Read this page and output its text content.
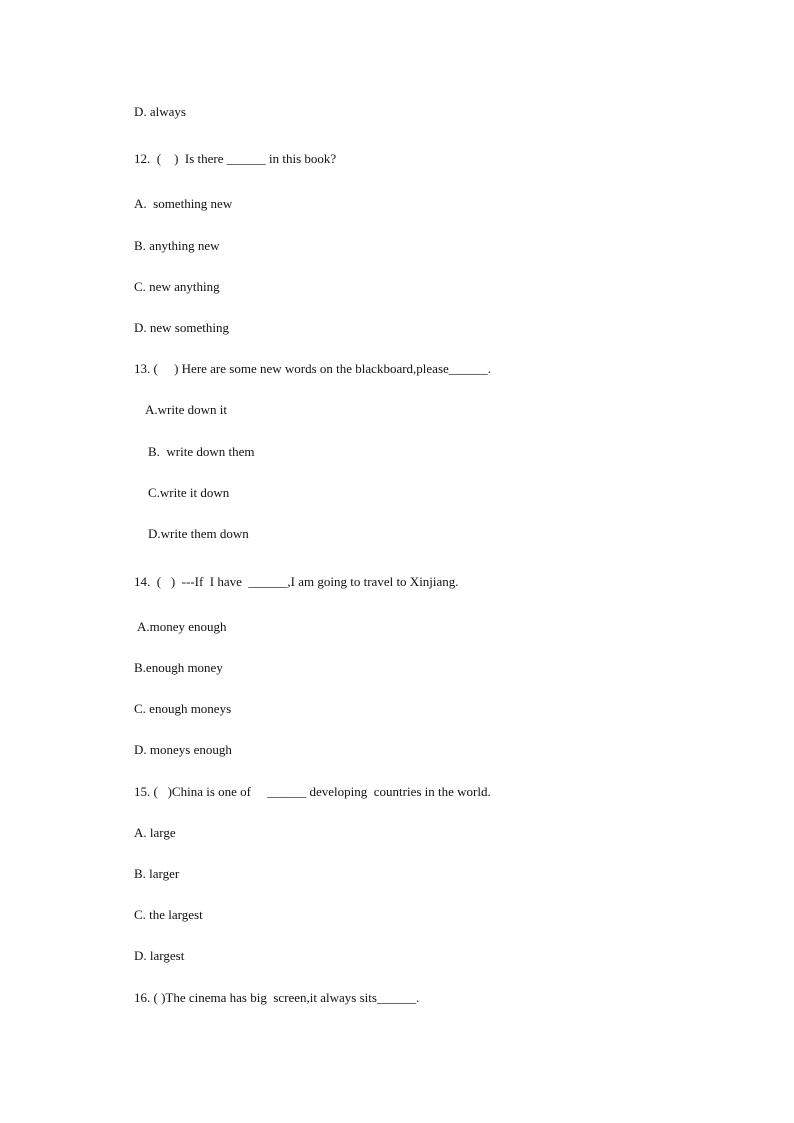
D. always
12.  (    )  Is there ______ in this book?
A.  something new
B. anything new
C. new anything
D. new something
13. (     ) Here are some new words on the blackboard,please______.
A.write down it
B.  write down them
C.write it down
D.write them down
14.  (   )  ---If  I have  ______,I am going to travel to Xinjiang.
A.money enough
B.enough money
C. enough moneys
D. moneys enough
15. (   )China is one of     ______ developing  countries in the world.
A. large
B. larger
C. the largest
D. largest
16. ( )The cinema has big  screen,it always sits______.
